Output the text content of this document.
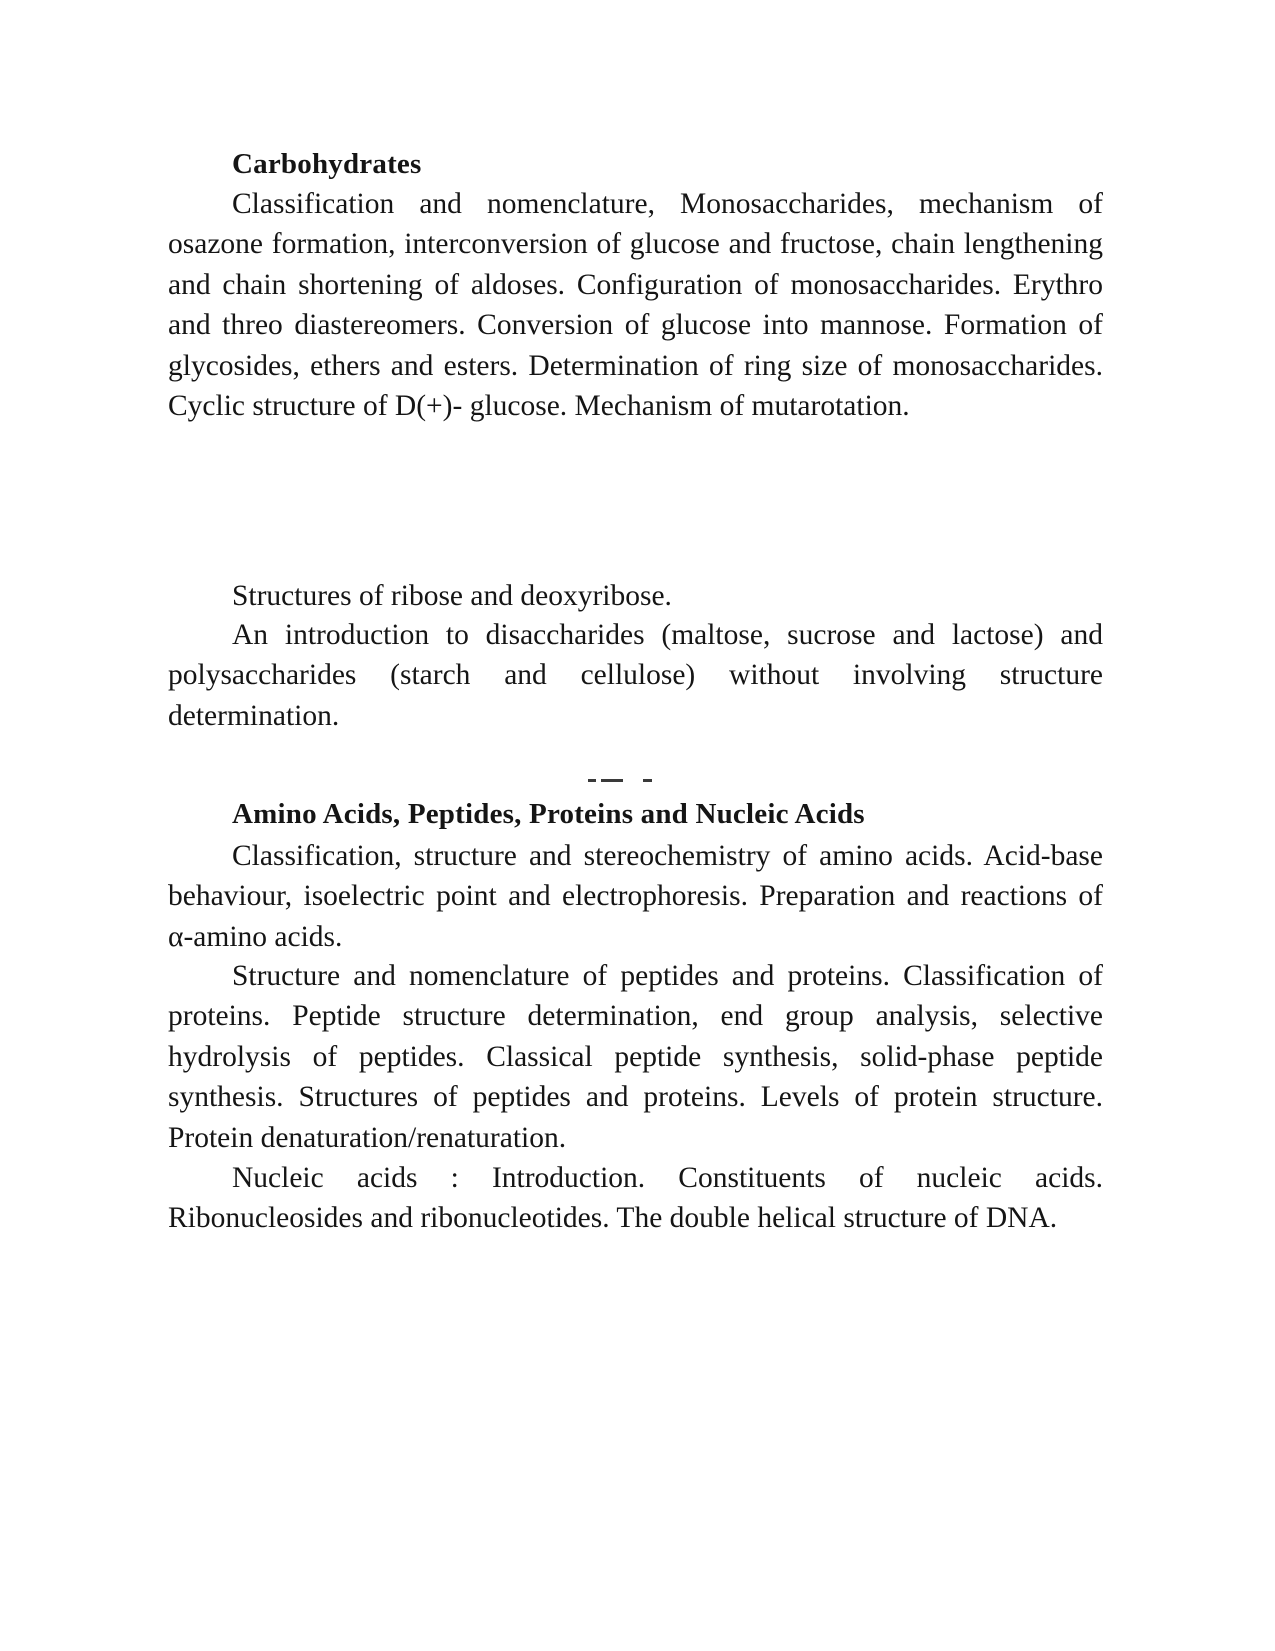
Carbohydrates

Classification and nomenclature, Monosaccharides, mechanism of osazone formation, interconversion of glucose and fructose, chain lengthening and chain shortening of aldoses. Configuration of monosaccharides. Erythro and threo diastereomers. Conversion of glucose into mannose. Formation of glycosides, ethers and esters. Determination of ring size of monosaccharides. Cyclic structure of D(+)- glucose. Mechanism of mutarotation.

Structures of ribose and deoxyribose.

An introduction to disaccharides (maltose, sucrose and lactose) and polysaccharides (starch and cellulose) without involving structure determination.

Amino Acids, Peptides, Proteins and Nucleic Acids

Classification, structure and stereochemistry of amino acids. Acid-base behaviour, isoelectric point and electrophoresis. Preparation and reactions of α-amino acids.

Structure and nomenclature of peptides and proteins. Classification of proteins. Peptide structure determination, end group analysis, selective hydrolysis of peptides. Classical peptide synthesis, solid-phase peptide synthesis. Structures of peptides and proteins. Levels of protein structure. Protein denaturation/renaturation.

Nucleic acids : Introduction. Constituents of nucleic acids. Ribonucleosides and ribonucleotides. The double helical structure of DNA.
